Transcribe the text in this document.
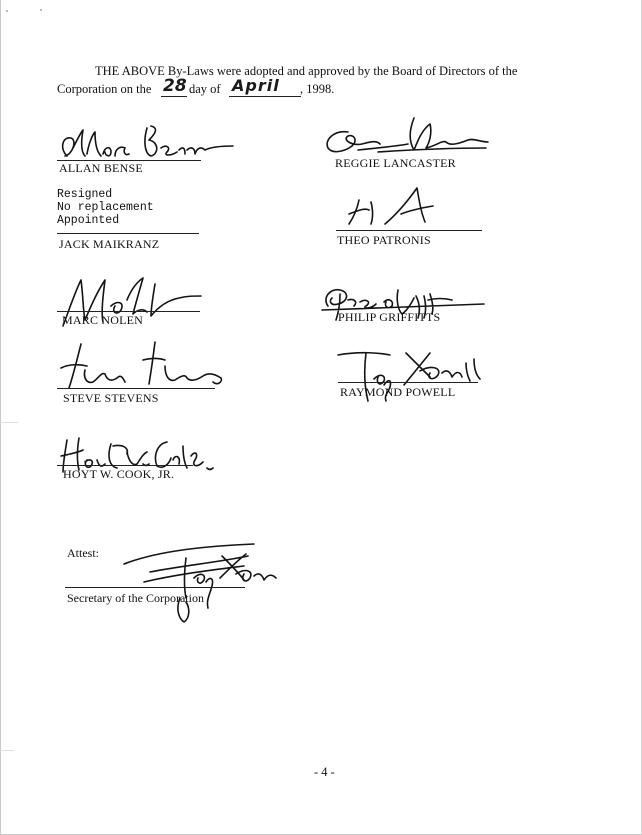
THE ABOVE By-Laws were adopted and approved by the Board of Directors of the
Corporation on the 28 day of April , 1998.
ALLAN BENSE	REGGIE LANCASTER
Resigned
No replacement
Appointed
JACK MAIKRANZ	THEO PATRONIS
MARC NOLEN	PHILIP GRIFFITTS
STEVE STEVENS	RAYMOND POWELL
HOYT W. COOK, JR.
Attest:
Secretary of the Corporation
- 4 -
